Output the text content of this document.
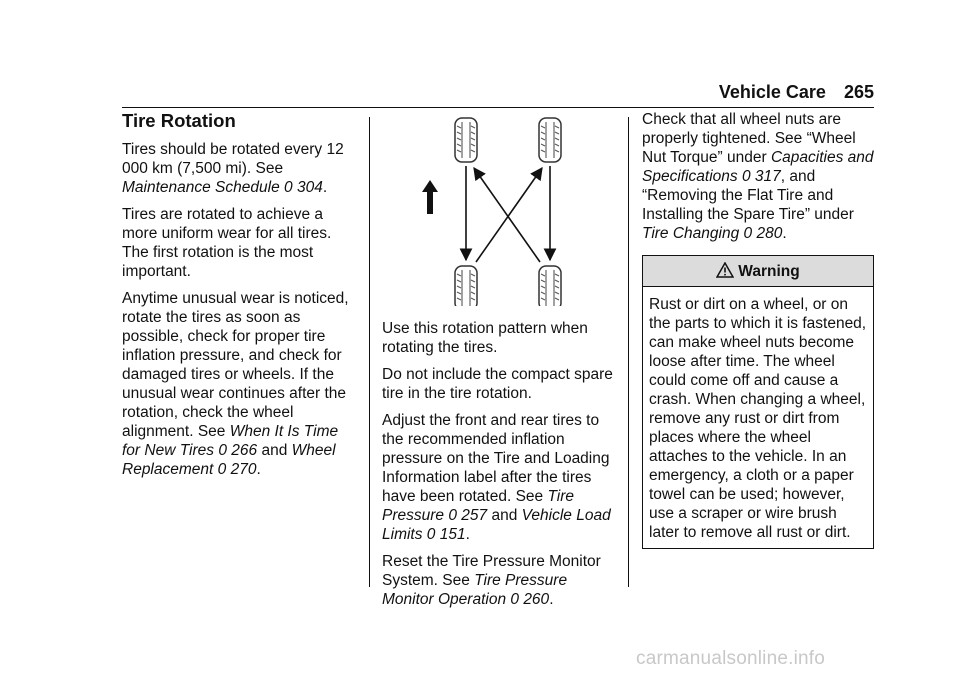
Vehicle Care 265
Tire Rotation

Tires should be rotated every 12 000 km (7,500 mi). See Maintenance Schedule 0 304.

Tires are rotated to achieve a more uniform wear for all tires. The first rotation is the most important.

Anytime unusual wear is noticed, rotate the tires as soon as possible, check for proper tire inflation pressure, and check for damaged tires or wheels. If the unusual wear continues after the rotation, check the wheel alignment. See When It Is Time for New Tires 0 266 and Wheel Replacement 0 270.

Use this rotation pattern when rotating the tires.

Do not include the compact spare tire in the tire rotation.

Adjust the front and rear tires to the recommended inflation pressure on the Tire and Loading Information label after the tires have been rotated. See Tire Pressure 0 257 and Vehicle Load Limits 0 151.

Reset the Tire Pressure Monitor System. See Tire Pressure Monitor Operation 0 260.

Check that all wheel nuts are properly tightened. See “Wheel Nut Torque” under Capacities and Specifications 0 317, and “Removing the Flat Tire and Installing the Spare Tire” under Tire Changing 0 280.

Warning
Rust or dirt on a wheel, or on the parts to which it is fastened, can make wheel nuts become loose after time. The wheel could come off and cause a crash. When changing a wheel, remove any rust or dirt from places where the wheel attaches to the vehicle. In an emergency, a cloth or a paper towel can be used; however, use a scraper or wire brush later to remove all rust or dirt.
carmanualsonline.info
